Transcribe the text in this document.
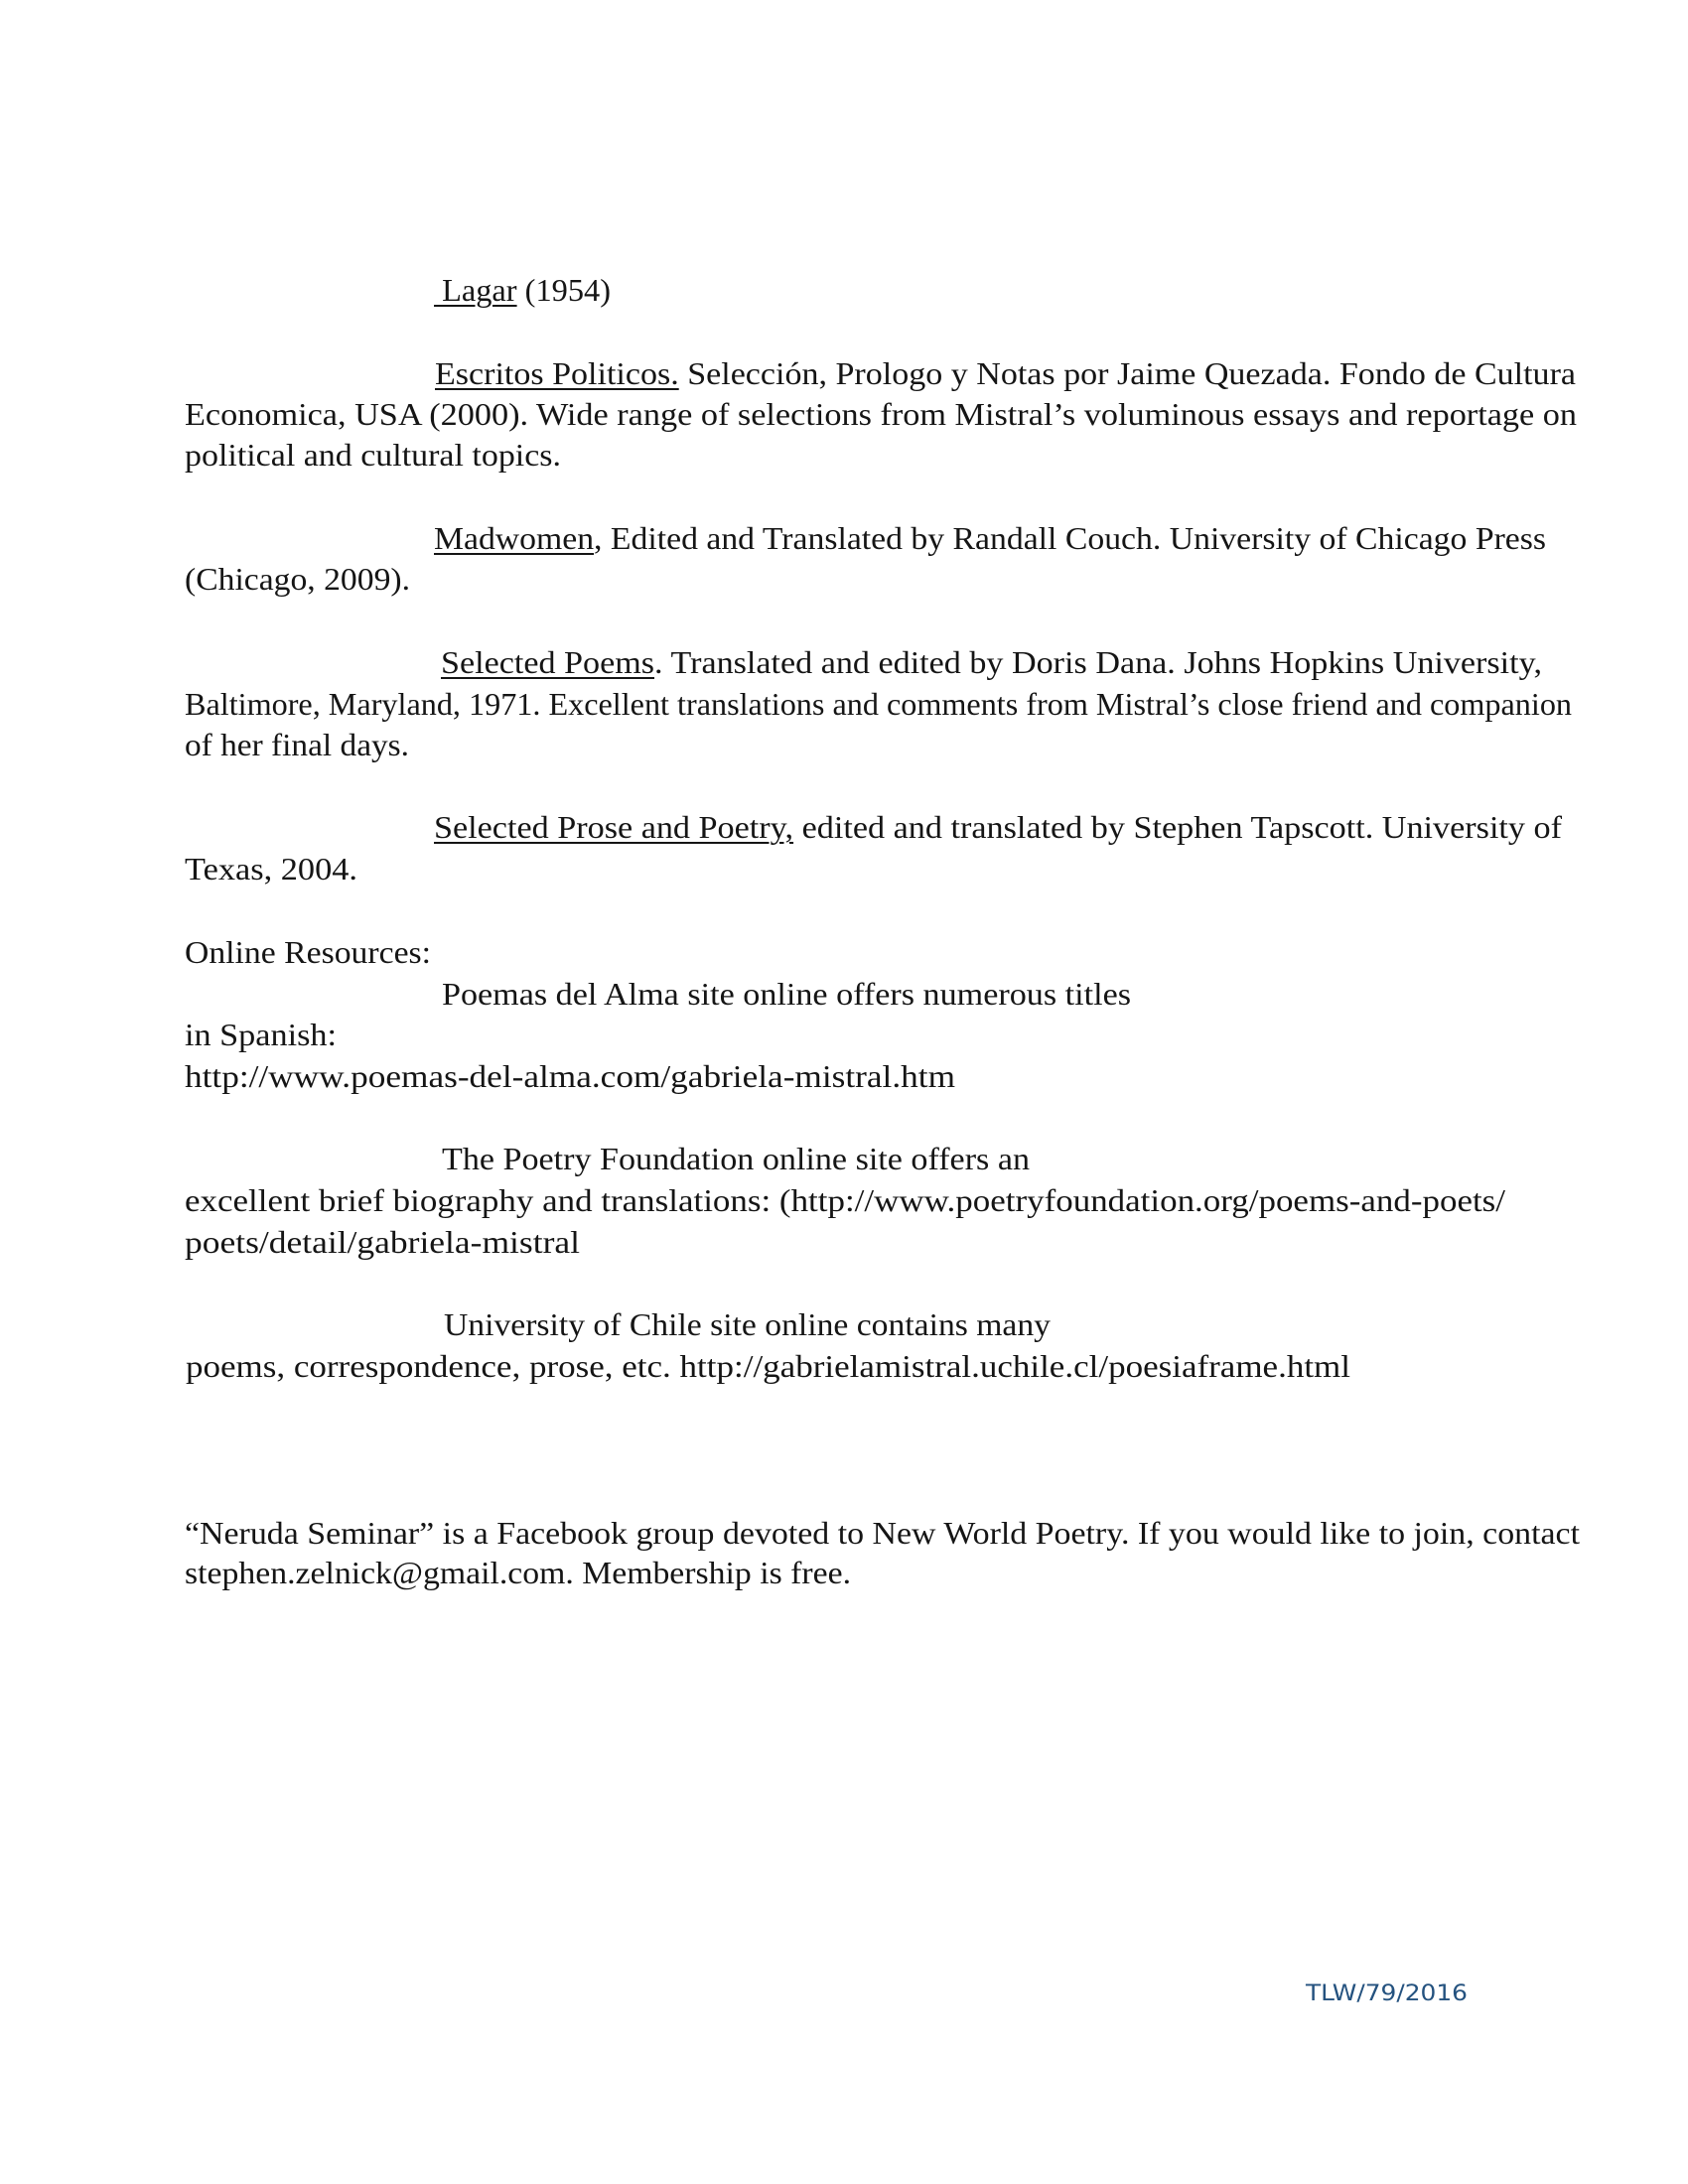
Lagar (1954)
Escritos Politicos. Selección, Prologo y Notas por Jaime Quezada. Fondo de Cultura
Economica, USA (2000). Wide range of selections from Mistral’s voluminous essays and reportage on
political and cultural topics.
Madwomen, Edited and Translated by Randall Couch. University of Chicago Press
(Chicago, 2009).
Selected Poems. Translated and edited by Doris Dana. Johns Hopkins University,
Baltimore, Maryland, 1971. Excellent translations and comments from Mistral’s close friend and companion
of her final days.
Selected Prose and Poetry, edited and translated by Stephen Tapscott. University of
Texas, 2004.
Online Resources:
Poemas del Alma site online offers numerous titles
in Spanish:
http://www.poemas-del-alma.com/gabriela-mistral.htm
The Poetry Foundation online site offers an
excellent brief biography and translations: (http://www.poetryfoundation.org/poems-and-poets/
poets/detail/gabriela-mistral
University of Chile site online contains many
poems, correspondence, prose, etc. http://gabrielamistral.uchile.cl/poesiaframe.html
“Neruda Seminar” is a Facebook group devoted to New World Poetry. If you would like to join, contact
stephen.zelnick@gmail.com. Membership is free.
TLW/79/2016
